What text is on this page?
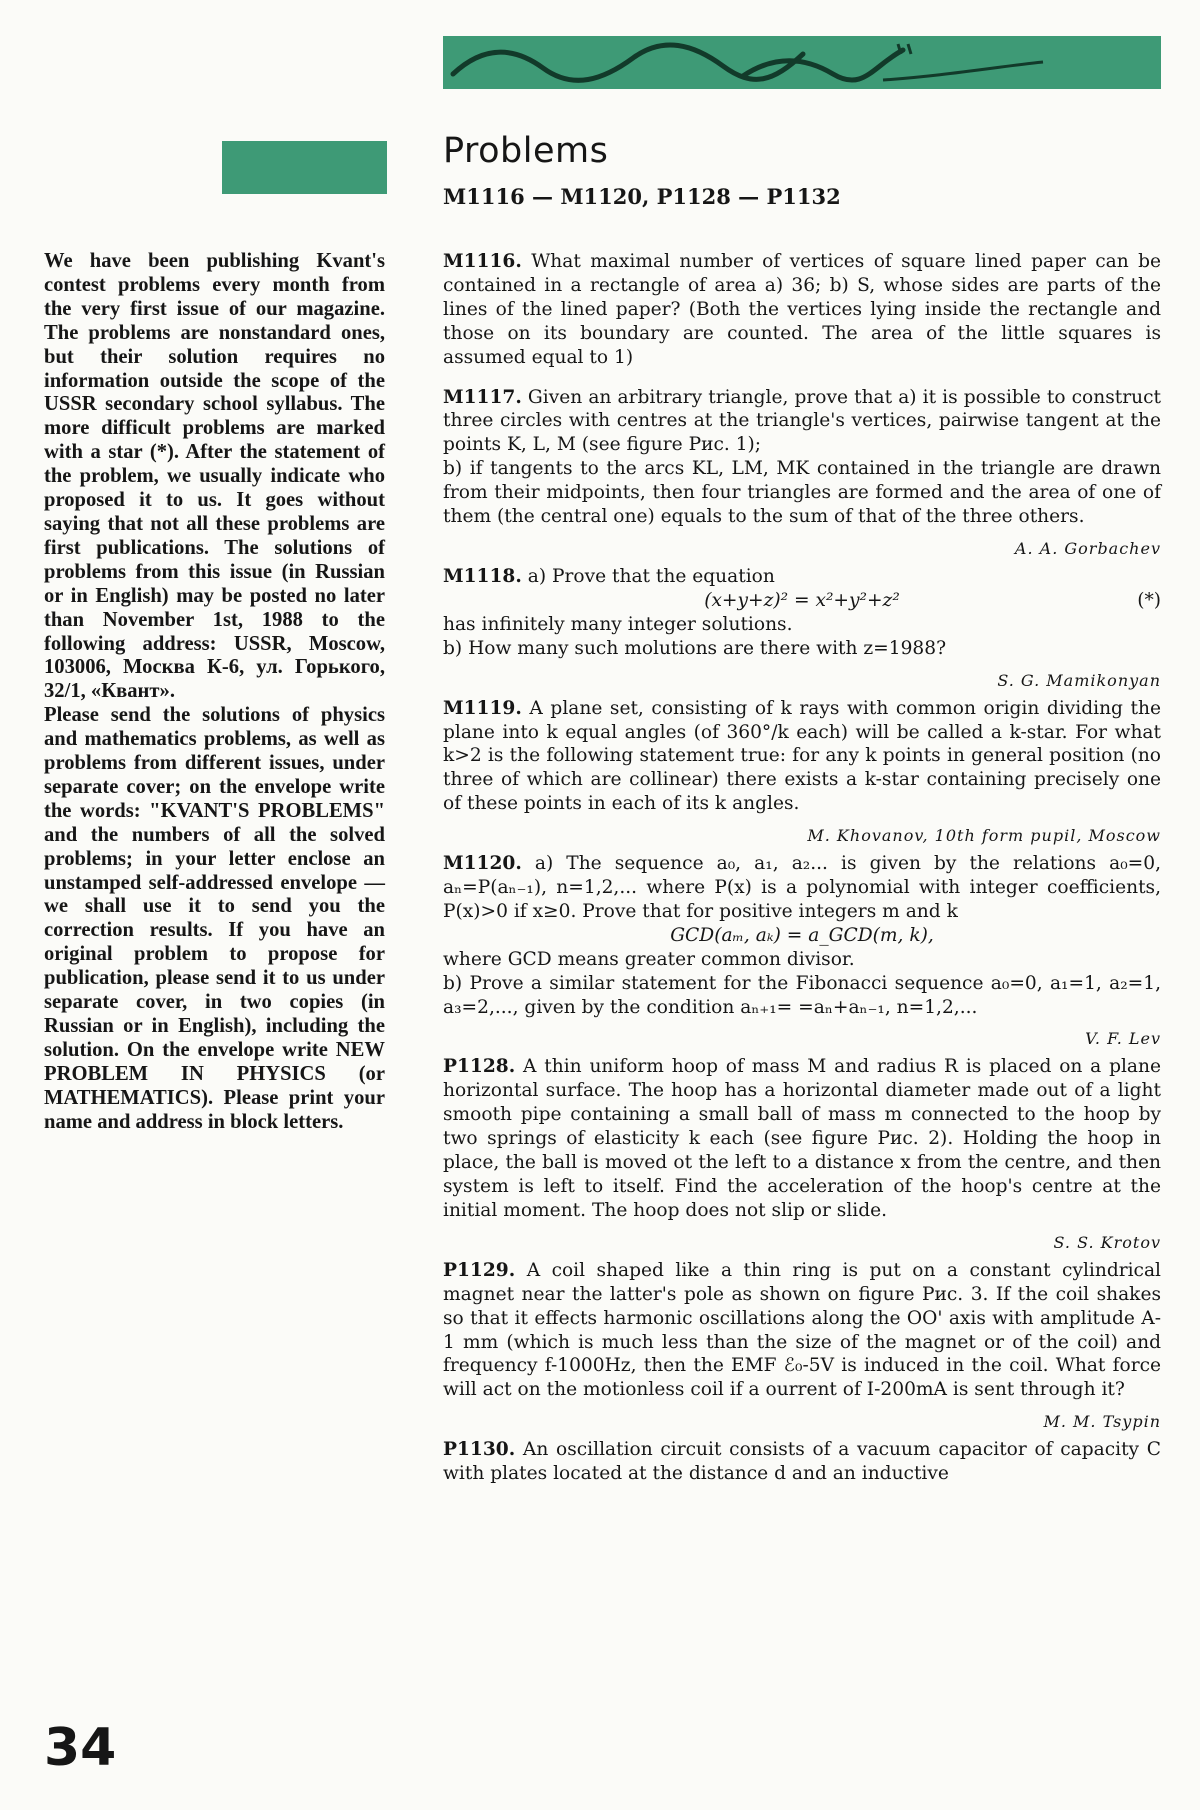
Problems
M1116 — M1120, P1128 — P1132

We have been publishing Kvant's contest problems every month from the very first issue of our magazine. The problems are nonstandard ones, but their solution requires no information outside the scope of the USSR secondary school syllabus. The more difficult problems are marked with a star (*). After the statement of the problem, we usually indicate who proposed it to us. It goes without saying that not all these problems are first publications. The solutions of problems from this issue (in Russian or in English) may be posted no later than November 1st, 1988 to the following address: USSR, Moscow, 103006, Москва К-6, ул. Горького, 32/1, «Квант».

Please send the solutions of physics and mathematics problems, as well as problems from different issues, under separate cover; on the envelope write the words: "KVANT'S PROBLEMS" and the numbers of all the solved problems; in your letter enclose an unstamped self-addressed envelope — we shall use it to send you the correction results. If you have an original problem to propose for publication, please send it to us under separate cover, in two copies (in Russian or in English), including the solution. On the envelope write NEW PROBLEM IN PHYSICS (or MATHEMATICS). Please print your name and address in block letters.

M1116. What maximal number of vertices of square lined paper can be contained in a rectangle of area a) 36; b) S, whose sides are parts of the lines of the lined paper? (Both the vertices lying inside the rectangle and those on its boundary are counted. The area of the little squares is assumed equal to 1)
M1117. Given an arbitrary triangle, prove that a) it is possible to construct three circles with centres at the triangle's vertices, pairwise tangent at the points K, L, M (see figure Рис. 1);
b) if tangents to the arcs KL, LM, MK contained in the triangle are drawn from their midpoints, then four triangles are formed and the area of one of them (the central one) equals to the sum of that of the three others.
A. A. Gorbachev
M1118. a) Prove that the equation
(x+y+z)² = x²+y²+z²	(*)
has infinitely many integer solutions.
b) How many such molutions are there with z=1988?
S. G. Mamikonyan
M1119. A plane set, consisting of k rays with common origin dividing the plane into k equal angles (of 360°/k each) will be called a k-star. For what k>2 is the following statement true: for any k points in general position (no three of which are collinear) there exists a k-star containing precisely one of these points in each of its k angles.
M. Khovanov, 10th form pupil, Moscow
M1120. a) The sequence a₀, a₁, a₂... is given by the relations a₀=0, aₙ=P(aₙ₋₁), n=1,2,... where P(x) is a polynomial with integer coefficients, P(x)>0 if x≥0. Prove that for positive integers m and k
GCD(aₘ, aₖ) = a_GCD(m, k),
where GCD means greater common divisor.
b) Prove a similar statement for the Fibonacci sequence a₀=0, a₁=1, a₂=1, a₃=2,..., given by the condition aₙ₊₁= =aₙ+aₙ₋₁, n=1,2,...
V. F. Lev
P1128. A thin uniform hoop of mass M and radius R is placed on a plane horizontal surface. The hoop has a horizontal diameter made out of a light smooth pipe containing a small ball of mass m connected to the hoop by two springs of elasticity k each (see figure Рис. 2). Holding the hoop in place, the ball is moved ot the left to a distance x from the centre, and then system is left to itself. Find the acceleration of the hoop's centre at the initial moment. The hoop does not slip or slide.
S. S. Krotov
P1129. A coil shaped like a thin ring is put on a constant cylindrical magnet near the latter's pole as shown on figure Рис. 3. If the coil shakes so that it effects harmonic oscillations along the OO' axis with amplitude A- 1 mm (which is much less than the size of the magnet or of the coil) and frequency f-1000Hz, then the EMF ℰ₀-5V is induced in the coil. What force will act on the motionless coil if a ourrent of I-200mA is sent through it?
M. M. Tsypin
P1130. An oscillation circuit consists of a vacuum capacitor of capacity C with plates located at the distance d and an inductive
34
